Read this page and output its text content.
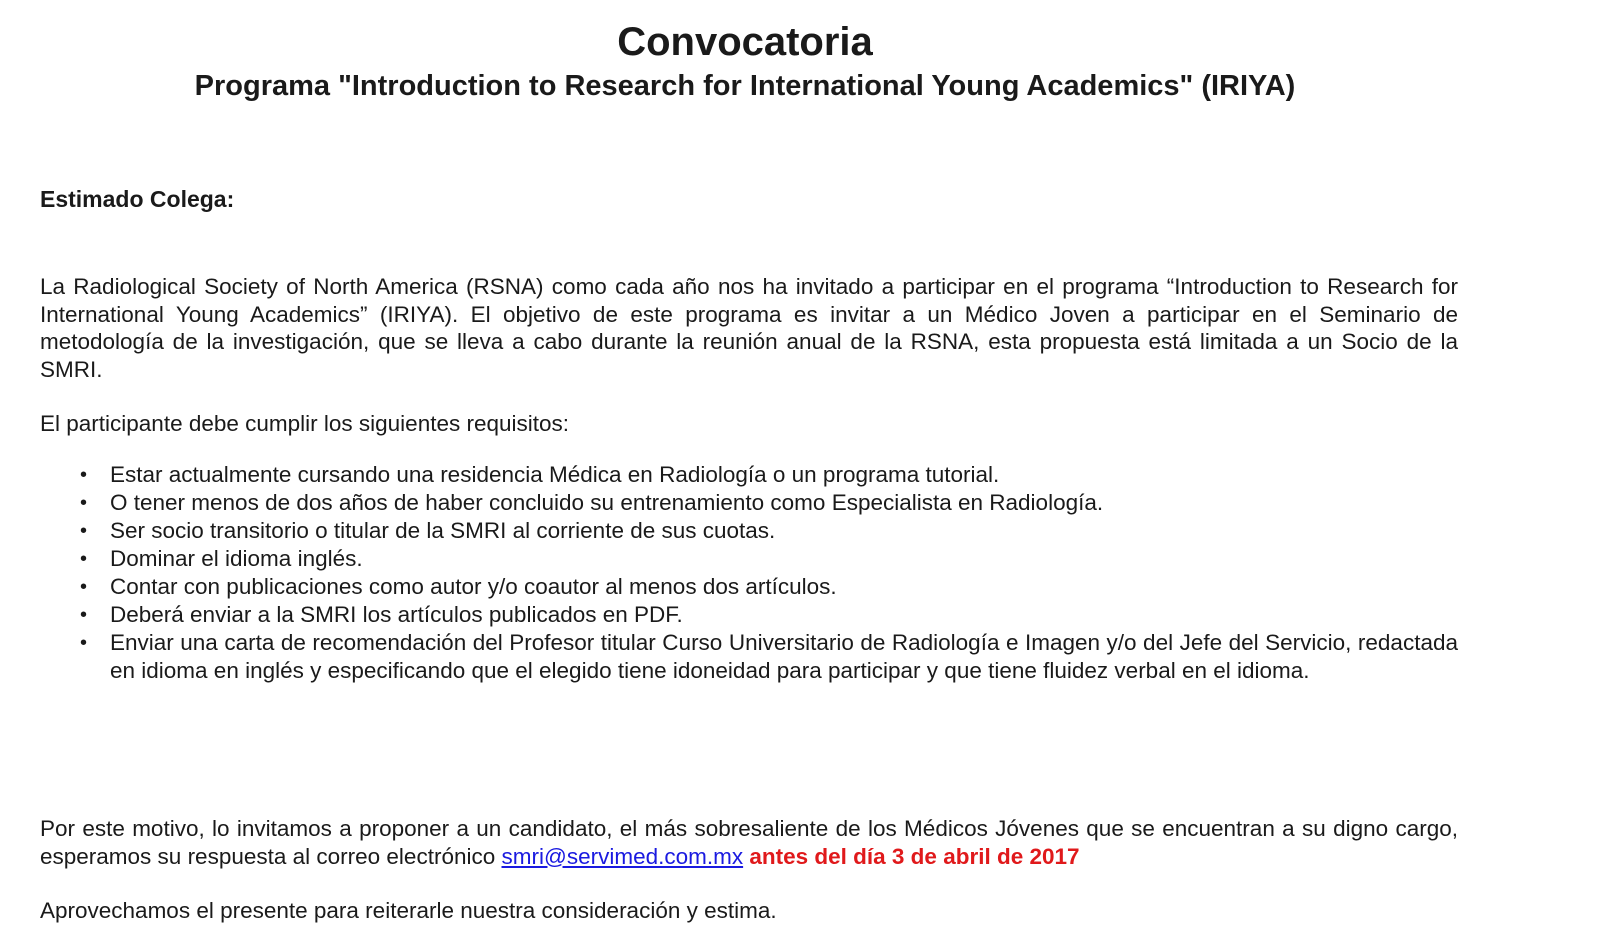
Convocatoria
Programa "Introduction to Research for International Young Academics" (IRIYA)

Estimado Colega:

La Radiological Society of North America (RSNA) como cada año nos ha invitado a participar en el programa “Introduction to Research for International Young Academics” (IRIYA). El objetivo de este programa es invitar a un Médico Joven a participar en el Seminario de metodología de la investigación, que se lleva a cabo durante la reunión anual de la RSNA, esta propuesta está limitada a un Socio de la SMRI.

El participante debe cumplir los siguientes requisitos:

• Estar actualmente cursando una residencia Médica en Radiología o un programa tutorial.
• O tener menos de dos años de haber concluido su entrenamiento como Especialista en Radiología.
• Ser socio transitorio o titular de la SMRI al corriente de sus cuotas.
• Dominar el idioma inglés.
• Contar con publicaciones como autor y/o coautor al menos dos artículos.
• Deberá enviar a la SMRI los artículos publicados en PDF.
• Enviar una carta de recomendación del Profesor titular Curso Universitario de Radiología e Imagen y/o del Jefe del Servicio, redactada en idioma en inglés y especificando que el elegido tiene idoneidad para participar y que tiene fluidez verbal en el idioma.

Por este motivo, lo invitamos a proponer a un candidato, el más sobresaliente de los Médicos Jóvenes que se encuentran a su digno cargo, esperamos su respuesta al correo electrónico smri@servimed.com.mx antes del día 3 de abril de 2017

Aprovechamos el presente para reiterarle nuestra consideración y estima.
